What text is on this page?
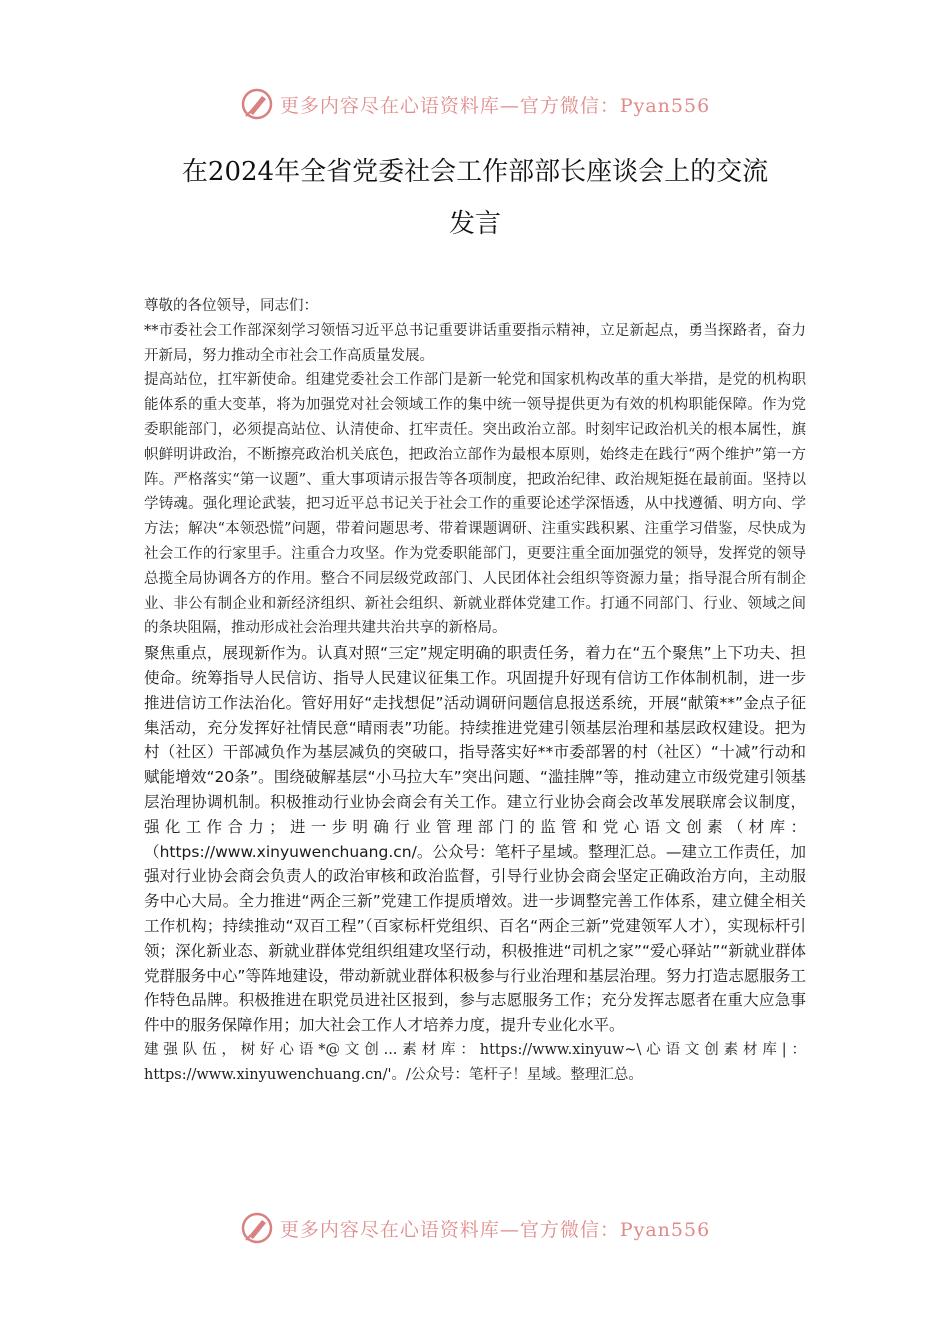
更多内容尽在心语资料库—官方微信：Pyan556
在2024年全省党委社会工作部部长座谈会上的交流
发言

尊敬的各位领导，同志们：

**市委社会工作部深刻学习领悟习近平总书记重要讲话重要指示精神，立足新起点，勇当探路者，奋力开新局，努力推动全市社会工作高质量发展。

提高站位，扛牢新使命。组建党委社会工作部门是新一轮党和国家机构改革的重大举措，是党的机构职能体系的重大变革，将为加强党对社会领域工作的集中统一领导提供更为有效的机构职能保障。作为党委职能部门，必须提高站位、认清使命、扛牢责任。突出政治立部。时刻牢记政治机关的根本属性，旗帜鲜明讲政治，不断擦亮政治机关底色，把政治立部作为最根本原则，始终走在践行“两个维护”第一方阵。严格落实“第一议题”、重大事项请示报告等各项制度，把政治纪律、政治规矩挺在最前面。坚持以学铸魂。强化理论武装，把习近平总书记关于社会工作的重要论述学深悟透，从中找遵循、明方向、学方法；解决“本领恐慌”问题，带着问题思考、带着课题调研、注重实践积累、注重学习借鉴，尽快成为社会工作的行家里手。注重合力攻坚。作为党委职能部门，更要注重全面加强党的领导，发挥党的领导总揽全局协调各方的作用。整合不同层级党政部门、人民团体社会组织等资源力量；指导混合所有制企业、非公有制企业和新经济组织、新社会组织、新就业群体党建工作。打通不同部门、行业、领域之间的条块阻隔，推动形成社会治理共建共治共享的新格局。

聚焦重点，展现新作为。认真对照“三定”规定明确的职责任务，着力在“五个聚焦”上下功夫、担使命。统筹指导人民信访、指导人民建议征集工作。巩固提升好现有信访工作体制机制，进一步推进信访工作法治化。管好用好“走找想促”活动调研问题信息报送系统，开展“献策**”金点子征集活动，充分发挥好社情民意“晴雨表”功能。持续推进党建引领基层治理和基层政权建设。把为村（社区）干部减负作为基层减负的突破口，指导落实好**市委部署的村（社区）“十减”行动和赋能增效“20条”。围绕破解基层“小马拉大车”突出问题、“滥挂牌”等，推动建立市级党建引领基层治理协调机制。积极推动行业协会商会有关工作。建立行业协会商会改革发展联席会议制度，强化工作合力；进一步明确行业管理部门的监管和党心语文创素（材库：（https://www.xinyuwenchuang.cn/。公众号：笔杆子星域。整理汇总。—建立工作责任，加强对行业协会商会负责人的政治审核和政治监督，引导行业协会商会坚定正确政治方向，主动服务中心大局。全力推进“两企三新”党建工作提质增效。进一步调整完善工作体系，建立健全相关工作机构；持续推动“双百工程”（百家标杆党组织、百名“两企三新”党建领军人才），实现标杆引领；深化新业态、新就业群体党组织组建攻坚行动，积极推进“司机之家”“爱心驿站”“新就业群体党群服务中心”等阵地建设，带动新就业群体积极参与行业治理和基层治理。努力打造志愿服务工作特色品牌。积极推进在职党员进社区报到，参与志愿服务工作；充分发挥志愿者在重大应急事件中的服务保障作用；加大社会工作人才培养力度，提升专业化水平。

建强队伍，树好心语*@文创...素材库：https://www.xinyuw~\心语文创素材库|：https://www.xinyuwenchuang.cn/'。/公众号：笔杆子！星域。整理汇总。

更多内容尽在心语资料库—官方微信：Pyan556
